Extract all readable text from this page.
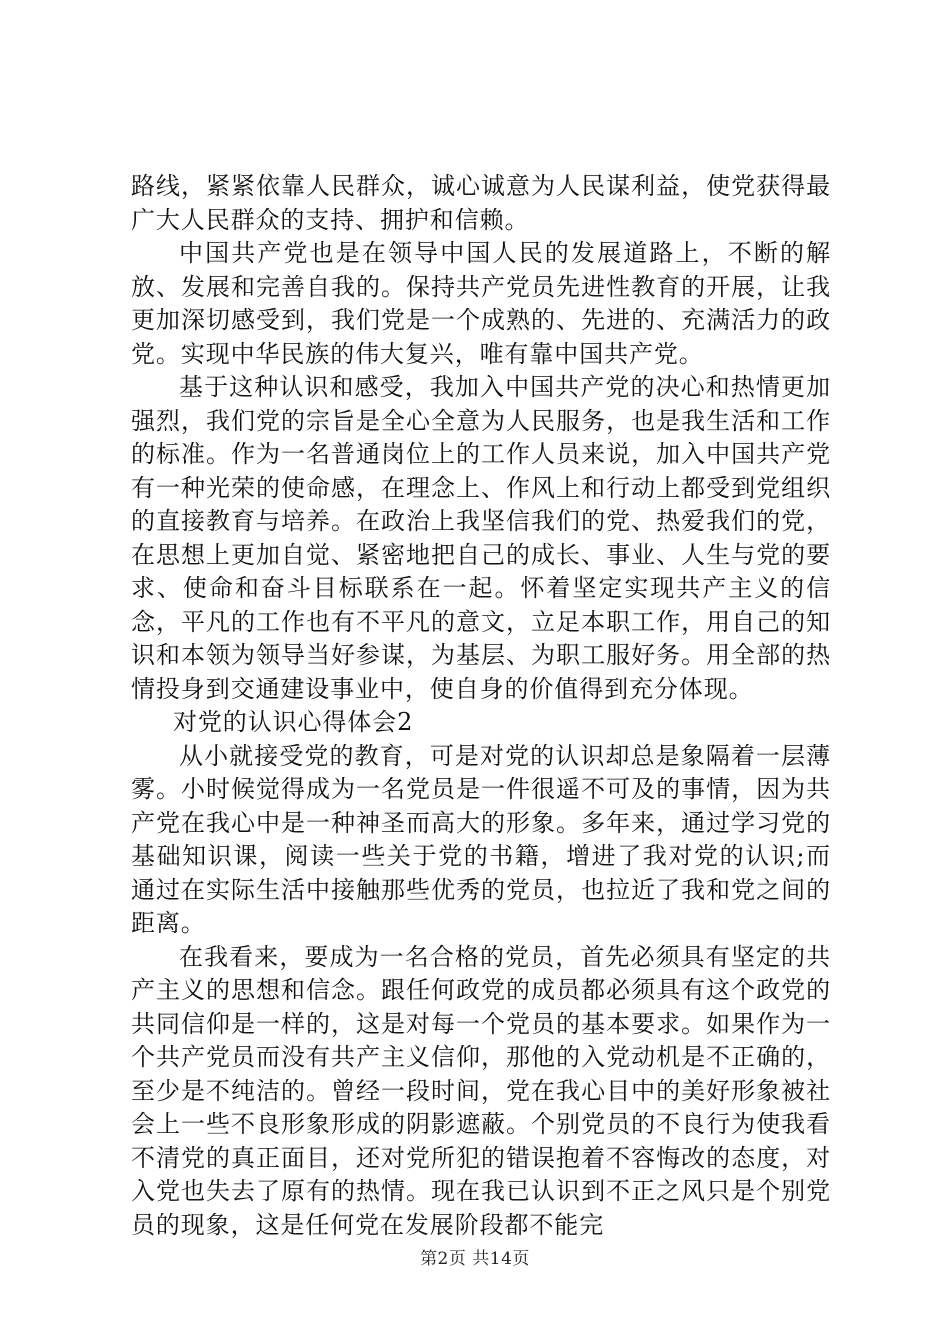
路线，紧紧依靠人民群众，诚心诚意为人民谋利益，使党获得最广大人民群众的支持、拥护和信赖。

中国共产党也是在领导中国人民的发展道路上，不断的解放、发展和完善自我的。保持共产党员先进性教育的开展，让我更加深切感受到，我们党是一个成熟的、先进的、充满活力的政党。实现中华民族的伟大复兴，唯有靠中国共产党。

基于这种认识和感受，我加入中国共产党的决心和热情更加强烈，我们党的宗旨是全心全意为人民服务，也是我生活和工作的标准。作为一名普通岗位上的工作人员来说，加入中国共产党有一种光荣的使命感，在理念上、作风上和行动上都受到党组织的直接教育与培养。在政治上我坚信我们的党、热爱我们的党，在思想上更加自觉、紧密地把自己的成长、事业、人生与党的要求、使命和奋斗目标联系在一起。怀着坚定实现共产主义的信念，平凡的工作也有不平凡的意文，立足本职工作，用自己的知识和本领为领导当好参谋，为基层、为职工服好务。用全部的热情投身到交通建设事业中，使自身的价值得到充分体现。

对党的认识心得体会2

从小就接受党的教育，可是对党的认识却总是象隔着一层薄雾。小时候觉得成为一名党员是一件很遥不可及的事情，因为共产党在我心中是一种神圣而高大的形象。多年来，通过学习党的基础知识课，阅读一些关于党的书籍，增进了我对党的认识;而通过在实际生活中接触那些优秀的党员，也拉近了我和党之间的距离。

在我看来，要成为一名合格的党员，首先必须具有坚定的共产主义的思想和信念。跟任何政党的成员都必须具有这个政党的共同信仰是一样的，这是对每一个党员的基本要求。如果作为一个共产党员而没有共产主义信仰，那他的入党动机是不正确的，至少是不纯洁的。曾经一段时间，党在我心目中的美好形象被社会上一些不良形象形成的阴影遮蔽。个别党员的不良行为使我看不清党的真正面目，还对党所犯的错误抱着不容悔改的态度，对入党也失去了原有的热情。现在我已认识到不正之风只是个别党员的现象，这是任何党在发展阶段都不能完

第2页 共14页
